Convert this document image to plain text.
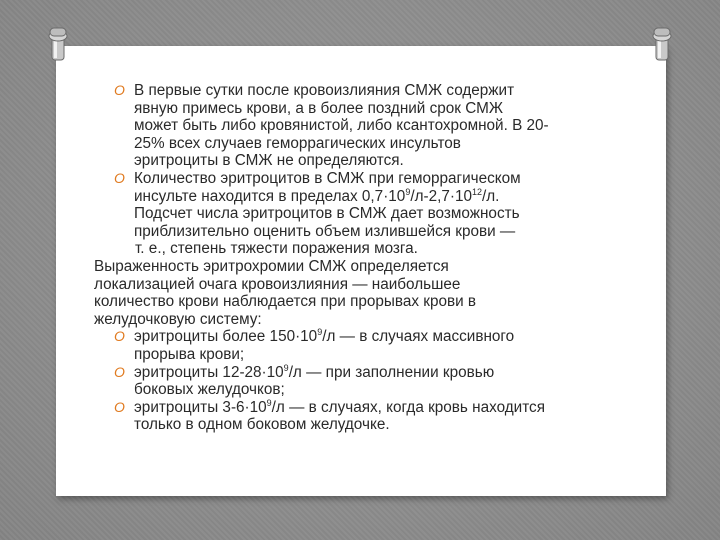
O В первые сутки после кровоизлияния СМЖ содержит
явную примесь крови, а в более поздний срок СМЖ
может быть либо кровянистой, либо ксантохромной. В 20-
25% всех случаев геморрагических инсультов
эритроциты в СМЖ не определяются.

O Количество эритроцитов в СМЖ при геморрагическом
инсульте находится в пределах $0,7\cdot 10^9/л-2,7\cdot 10^{12}/л$.
Подсчет числа эритроцитов в СМЖ дает возможность
приблизительно оценить объем излившейся крови —
т. е., степень тяжести поражения мозга.

Выраженность эритрохромии СМЖ определяется
локализацией очага кровоизлияния — наибольшее
количество крови наблюдается при прорывах крови в
желудочковую систему:

O эритроциты более $150\cdot 10^9/л$ — в случаях массивного
прорыва крови;

O эритроциты $12-28\cdot 10^9/л$ — при заполнении кровью
боковых желудочков;

O эритроциты $3-6\cdot 10^9/л$ — в случаях, когда кровь находится
только в одном боковом желудочке.
